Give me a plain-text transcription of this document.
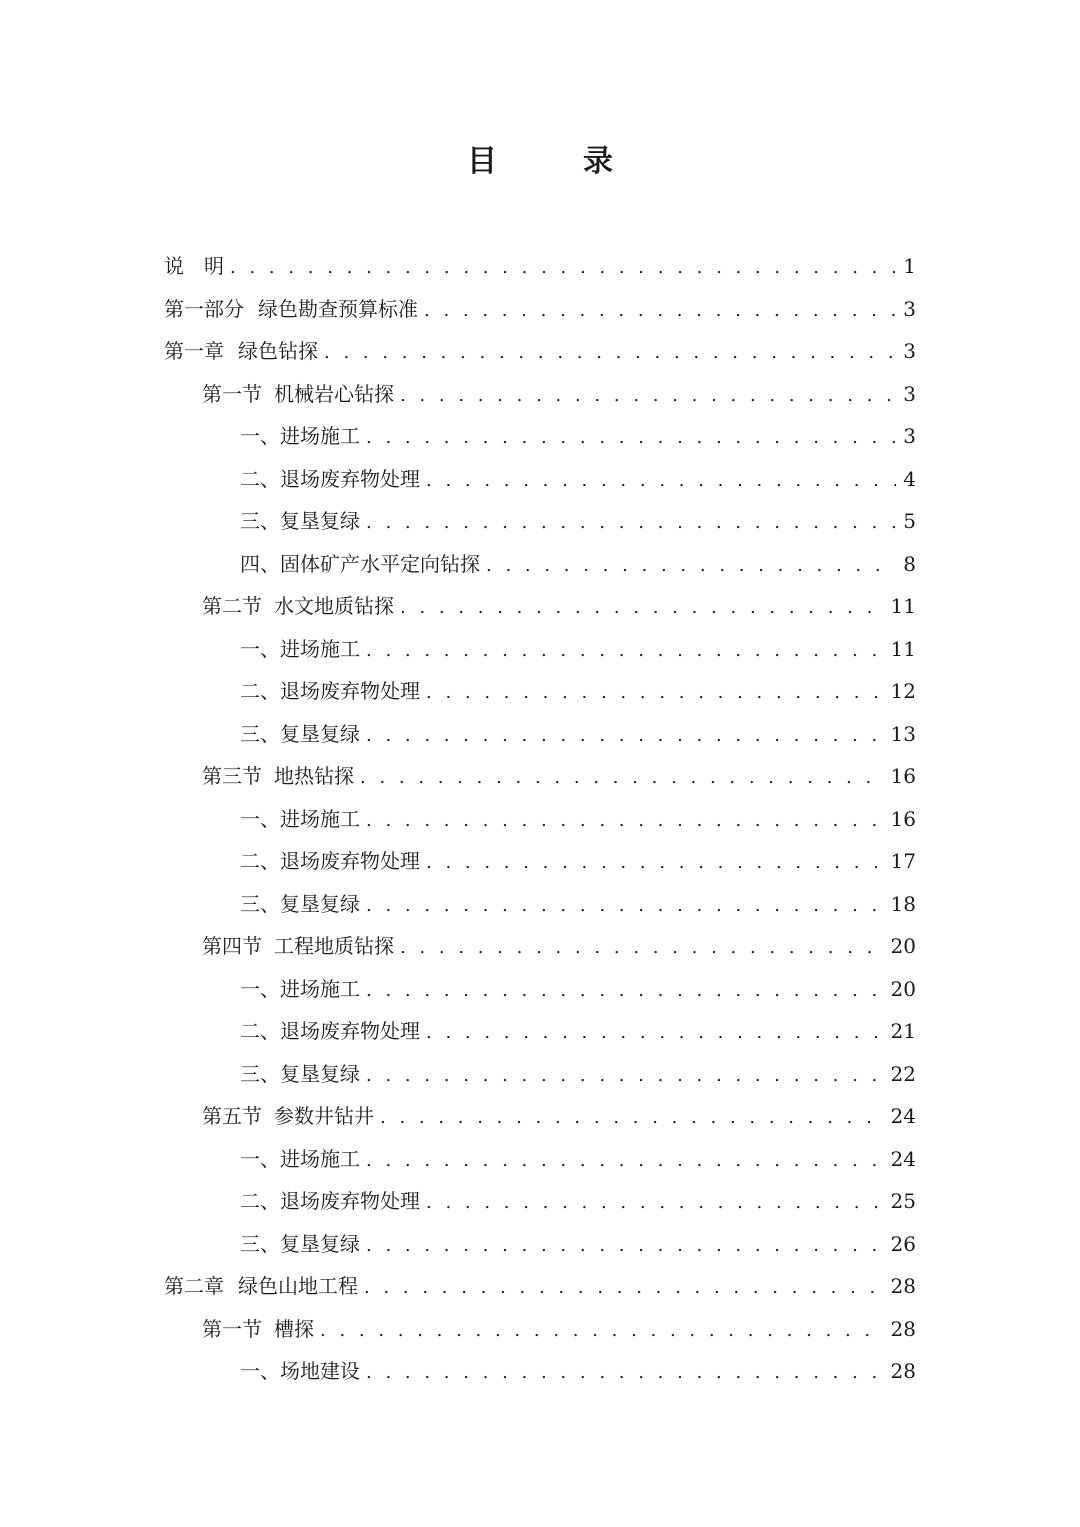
目　录
说　明 . . .	1
第一部分 绿色勘查预算标准 . . .	3
第一章 绿色钻探 . . .	3
第一节 机械岩心钻探 . . .	3
一、 进场施工 . . .	3
二、 退场废弃物处理 . . .	4
三、 复垦复绿 . . .	5
四、 固体矿产水平定向钻探 . . .	8
第二节 水文地质钻探 . . .	11
一、 进场施工 . . .	11
二、 退场废弃物处理 . . .	12
三、 复垦复绿 . . .	13
第三节 地热钻探 . . .	16
一、 进场施工 . . .	16
二、 退场废弃物处理 . . .	17
三、 复垦复绿 . . .	18
第四节 工程地质钻探 . . .	20
一、 进场施工 . . .	20
二、 退场废弃物处理 . . .	21
三、 复垦复绿 . . .	22
第五节 参数井钻井 . . .	24
一、 进场施工 . . .	24
二、 退场废弃物处理 . . .	25
三、 复垦复绿 . . .	26
第二章 绿色山地工程 . . .	28
第一节 槽探 . . .	28
一、 场地建设 . . .	28
